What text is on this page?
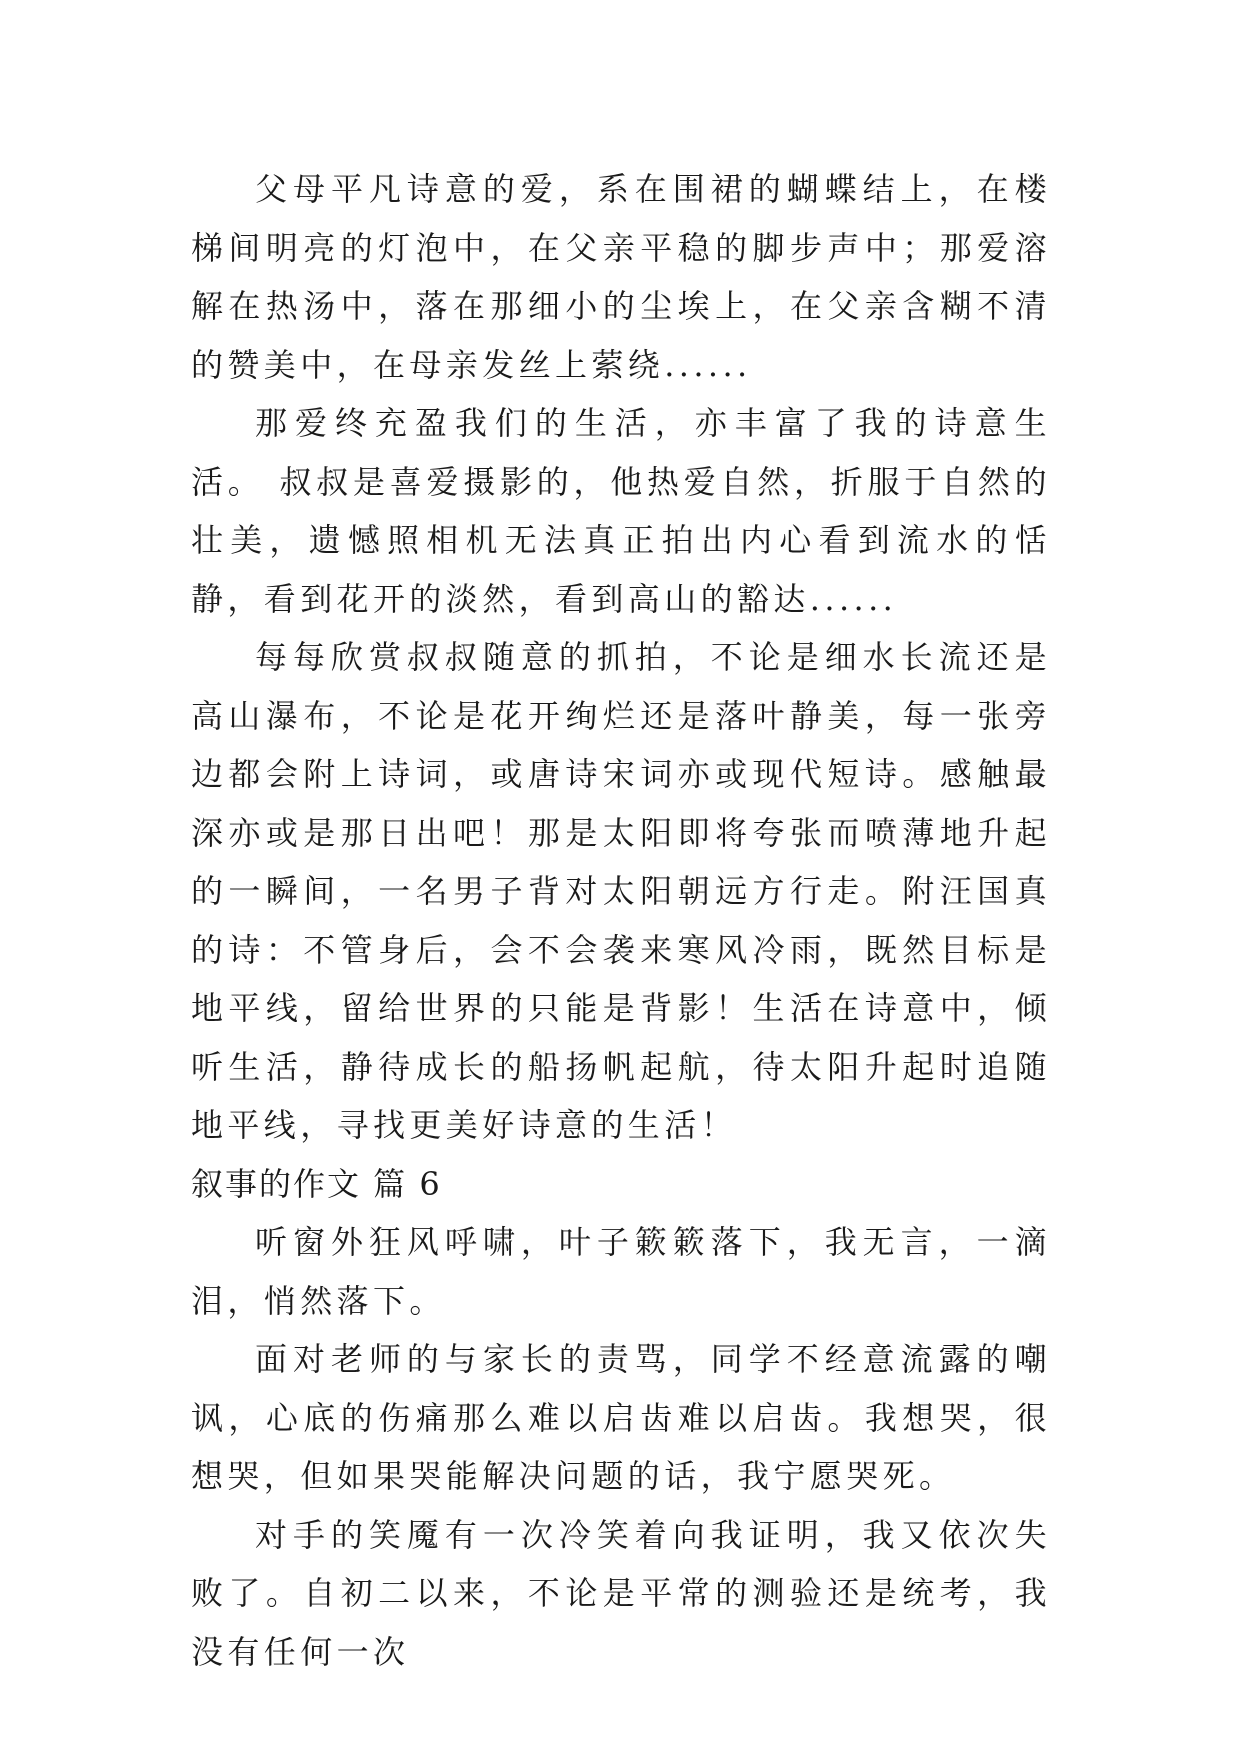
父母平凡诗意的爱，系在围裙的蝴蝶结上，在楼梯间明亮的灯泡中，在父亲平稳的脚步声中；那爱溶解在热汤中，落在那细小的尘埃上，在父亲含糊不清的赞美中，在母亲发丝上萦绕......

那爱终充盈我们的生活，亦丰富了我的诗意生活。 叔叔是喜爱摄影的，他热爱自然，折服于自然的壮美，遗憾照相机无法真正拍出内心看到流水的恬静，看到花开的淡然，看到高山的豁达......

每每欣赏叔叔随意的抓拍，不论是细水长流还是高山瀑布，不论是花开绚烂还是落叶静美，每一张旁边都会附上诗词，或唐诗宋词亦或现代短诗。感触最深亦或是那日出吧！那是太阳即将夸张而喷薄地升起的一瞬间，一名男子背对太阳朝远方行走。附汪国真的诗：不管身后，会不会袭来寒风冷雨，既然目标是地平线，留给世界的只能是背影！生活在诗意中，倾听生活，静待成长的船扬帆起航，待太阳升起时追随地平线，寻找更美好诗意的生活！

叙事的作文 篇 6

听窗外狂风呼啸，叶子簌簌落下，我无言，一滴泪，悄然落下。

面对老师的与家长的责骂，同学不经意流露的嘲讽，心底的伤痛那么难以启齿难以启齿。我想哭，很想哭，但如果哭能解决问题的话，我宁愿哭死。

对手的笑魇有一次冷笑着向我证明，我又依次失败了。自初二以来，不论是平常的测验还是统考，我没有任何一次
